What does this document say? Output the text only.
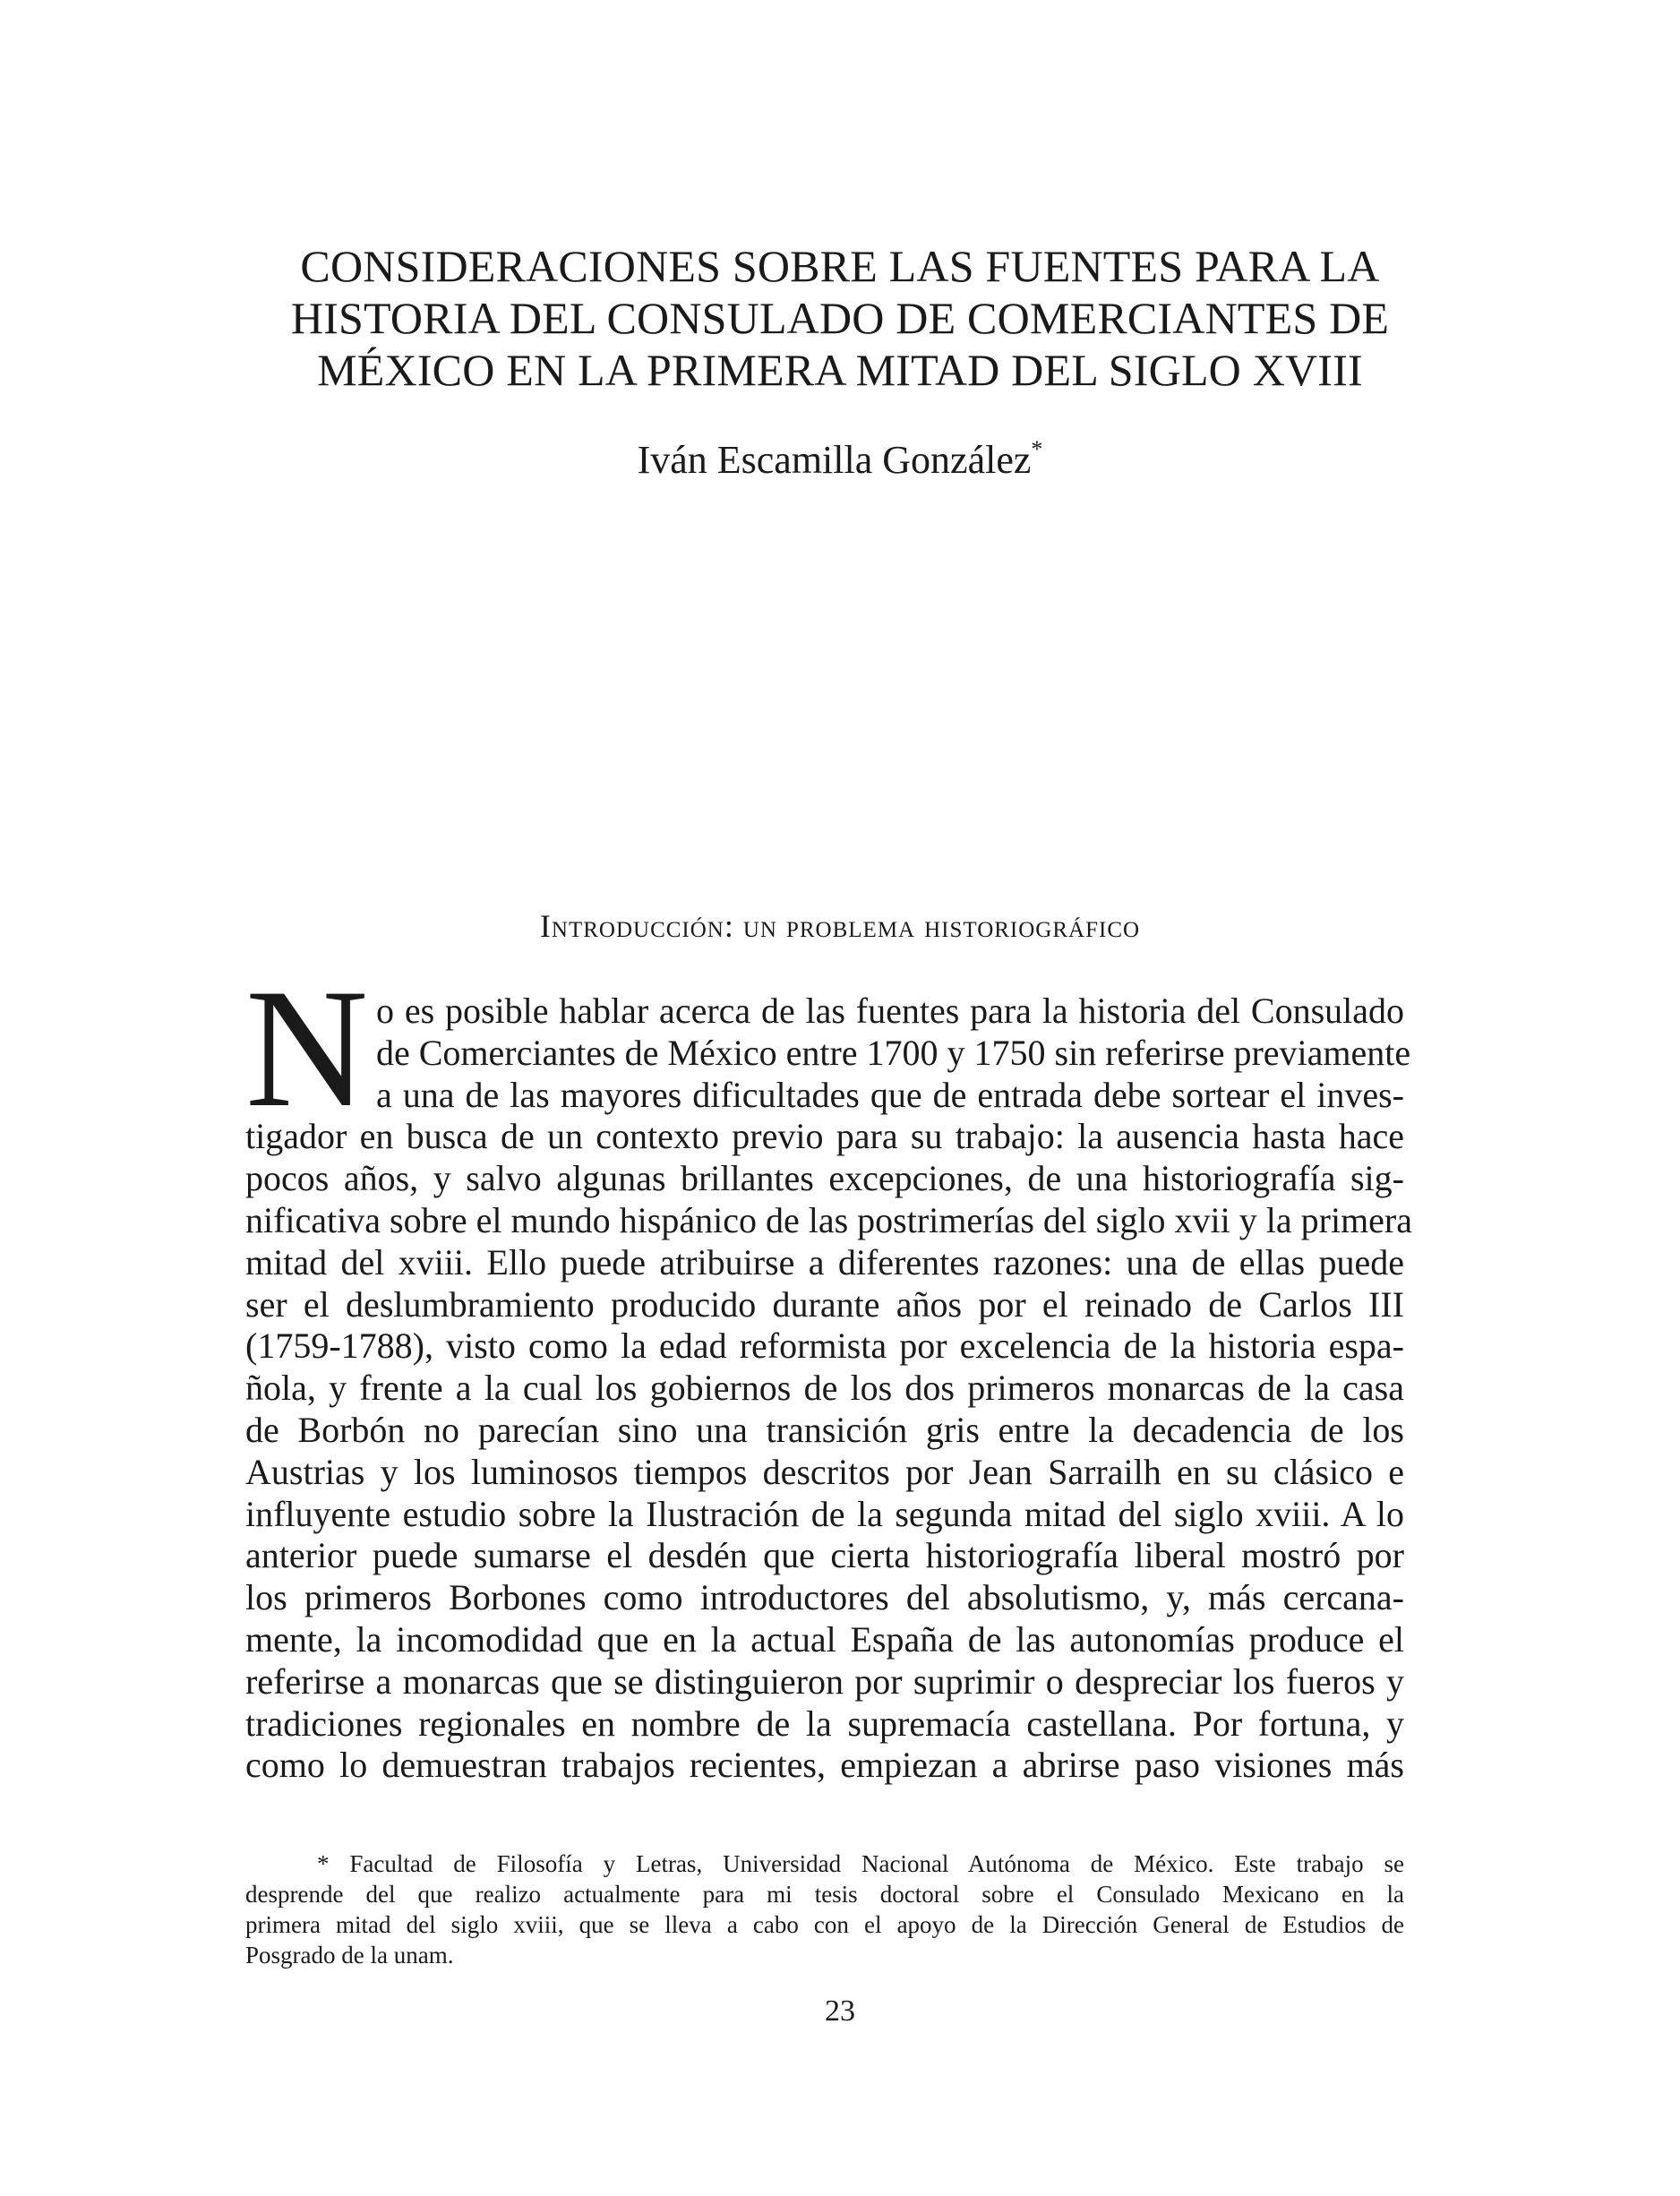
CONSIDERACIONES SOBRE LAS FUENTES PARA LA
HISTORIA DEL CONSULADO DE COMERCIANTES DE
MÉXICO EN LA PRIMERA MITAD DEL SIGLO XVIII
Iván Escamilla González*
Introducción: un problema historiográfico
N o es posible hablar acerca de las fuentes para la historia del Consulado
de Comerciantes de México entre 1700 y 1750 sin referirse previamente
a una de las mayores dificultades que de entrada debe sortear el inves-
tigador en busca de un contexto previo para su trabajo: la ausencia hasta hace
pocos años, y salvo algunas brillantes excepciones, de una historiografía sig-
nificativa sobre el mundo hispánico de las postrimerías del siglo xvii y la primera
mitad del xviii. Ello puede atribuirse a diferentes razones: una de ellas puede
ser el deslumbramiento producido durante años por el reinado de Carlos III
(1759-1788), visto como la edad reformista por excelencia de la historia espa-
ñola, y frente a la cual los gobiernos de los dos primeros monarcas de la casa
de Borbón no parecían sino una transición gris entre la decadencia de los
Austrias y los luminosos tiempos descritos por Jean Sarrailh en su clásico e
influyente estudio sobre la Ilustración de la segunda mitad del siglo xviii. A lo
anterior puede sumarse el desdén que cierta historiografía liberal mostró por
los primeros Borbones como introductores del absolutismo, y, más cercana-
mente, la incomodidad que en la actual España de las autonomías produce el
referirse a monarcas que se distinguieron por suprimir o despreciar los fueros y
tradiciones regionales en nombre de la supremacía castellana. Por fortuna, y
como lo demuestran trabajos recientes, empiezan a abrirse paso visiones más
* Facultad de Filosofía y Letras, Universidad Nacional Autónoma de México. Este trabajo se
desprende del que realizo actualmente para mi tesis doctoral sobre el Consulado Mexicano en la
primera mitad del siglo xviii, que se lleva a cabo con el apoyo de la Dirección General de Estudios de
Posgrado de la unam.
23
